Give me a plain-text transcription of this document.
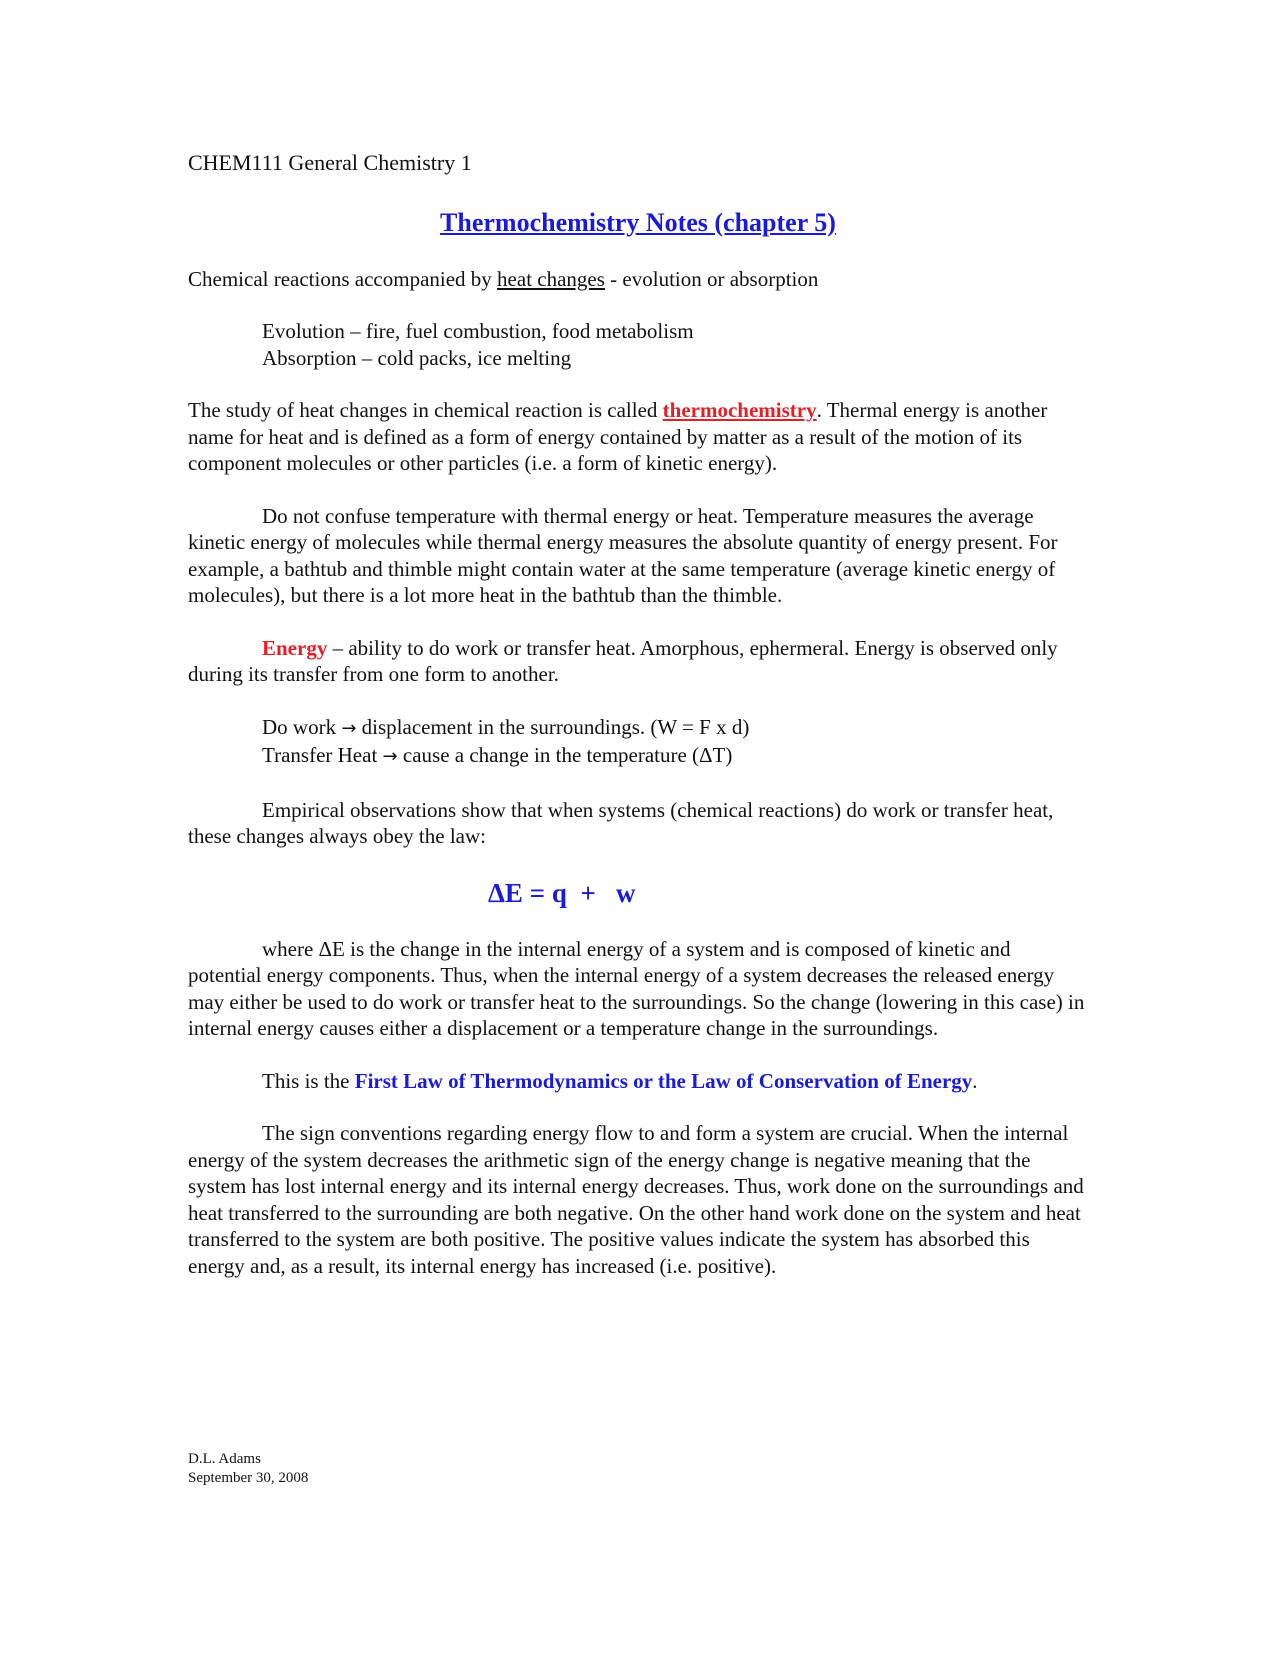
CHEM111 General Chemistry 1

Thermochemistry Notes (chapter 5)

Chemical reactions accompanied by heat changes - evolution or absorption

Evolution – fire, fuel combustion, food metabolism

Absorption – cold packs, ice melting

The study of heat changes in chemical reaction is called thermochemistry. Thermal energy is another name for heat and is defined as a form of energy contained by matter as a result of the motion of its component molecules or other particles (i.e. a form of kinetic energy).

Do not confuse temperature with thermal energy or heat. Temperature measures the average kinetic energy of molecules while thermal energy measures the absolute quantity of energy present. For example, a bathtub and thimble might contain water at the same temperature (average kinetic energy of molecules), but there is a lot more heat in the bathtub than the thimble.

Energy – ability to do work or transfer heat. Amorphous, ephermeral. Energy is observed only during its transfer from one form to another.

Do work → displacement in the surroundings. (W = F x d)

Transfer Heat → cause a change in the temperature (ΔT)

Empirical observations show that when systems (chemical reactions) do work or transfer heat, these changes always obey the law:

ΔE = q  +   w

where ΔE is the change in the internal energy of a system and is composed of kinetic and potential energy components. Thus, when the internal energy of a system decreases the released energy may either be used to do work or transfer heat to the surroundings. So the change (lowering in this case) in internal energy causes either a displacement or a temperature change in the surroundings.

This is the First Law of Thermodynamics or the Law of Conservation of Energy.

The sign conventions regarding energy flow to and form a system are crucial. When the internal energy of the system decreases the arithmetic sign of the energy change is negative meaning that the system has lost internal energy and its internal energy decreases. Thus, work done on the surroundings and heat transferred to the surrounding are both negative. On the other hand work done on the system and heat transferred to the system are both positive. The positive values indicate the system has absorbed this energy and, as a result, its internal energy has increased (i.e. positive).

D.L. Adams
September 30, 2008
